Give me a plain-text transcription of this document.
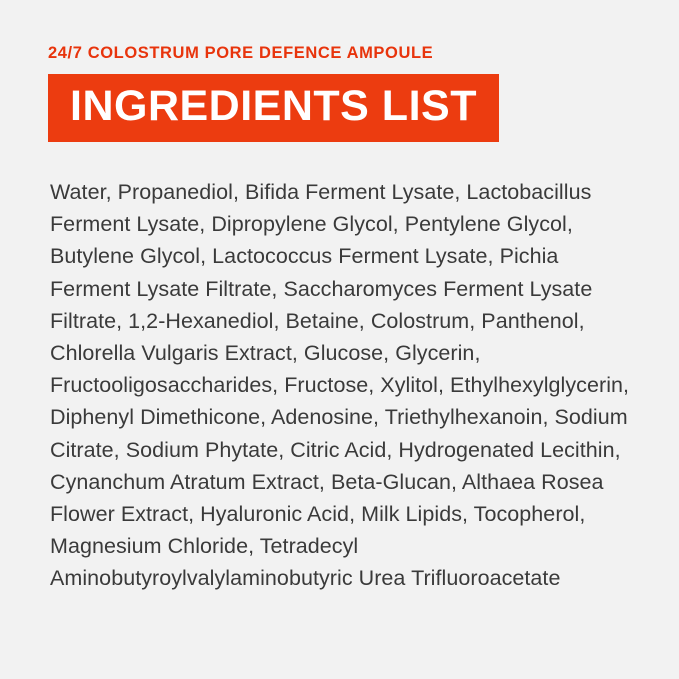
24/7 COLOSTRUM PORE DEFENCE AMPOULE
INGREDIENTS LIST
Water, Propanediol, Bifida Ferment Lysate, Lactobacillus Ferment Lysate, Dipropylene Glycol, Pentylene Glycol, Butylene Glycol, Lactococcus Ferment Lysate, Pichia Ferment Lysate Filtrate, Saccharomyces Ferment Lysate Filtrate, 1,2-Hexanediol, Betaine, Colostrum, Panthenol, Chlorella Vulgaris Extract, Glucose, Glycerin, Fructooligosaccharides, Fructose, Xylitol, Ethylhexylglycerin, Diphenyl Dimethicone, Adenosine, Triethylhexanoin, Sodium Citrate, Sodium Phytate, Citric Acid, Hydrogenated Lecithin, Cynanchum Atratum Extract, Beta-Glucan, Althaea Rosea Flower Extract, Hyaluronic Acid, Milk Lipids, Tocopherol, Magnesium Chloride, Tetradecyl Aminobutyroylvalylaminobutyric Urea Trifluoroacetate
